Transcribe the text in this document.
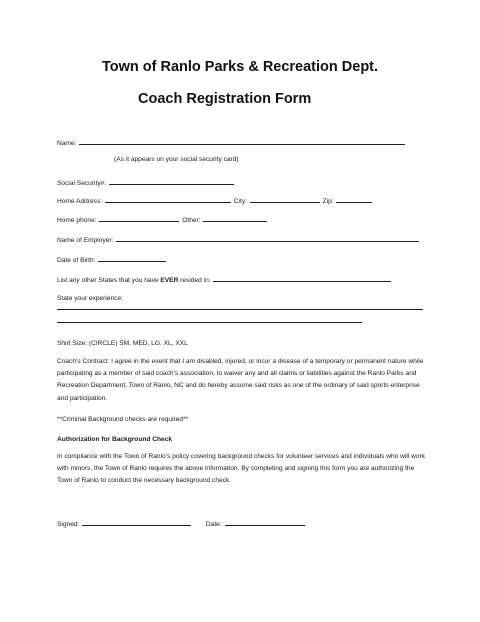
Town of Ranlo Parks & Recreation Dept.
Coach Registration Form
Name:
(As it appears on your social security card)
Social Security#:
Home Address:	City:	Zip:
Home phone:	Other:
Name of Employer:
Date of Birth:
List any other States that you have EVER resided in:
State your experience:
Shirt Size: (CIRCLE) SM, MED, LG, XL, XXL
Coach’s Contract: I agree in the event that I am disabled, injured, or incur a disease of a temporary or permanent nature while participating as a member of said coach’s association, to waiver any and all claims or liabilities against the Ranlo Parks and Recreation Department, Town of Ranlo, NC and do hereby assume said risks as one of the ordinary of said sports enterprise and participation.
**Criminal Background checks are required**
Authorization for Background Check
In compliance with the Town of Ranlo’s policy covering background checks for volunteer services and individuals who will work with minors, the Town of Ranlo requires the above information. By completing and signing this form you are authorizing the Town of Ranlo to conduct the necessary background check.
Signed:	Date:
